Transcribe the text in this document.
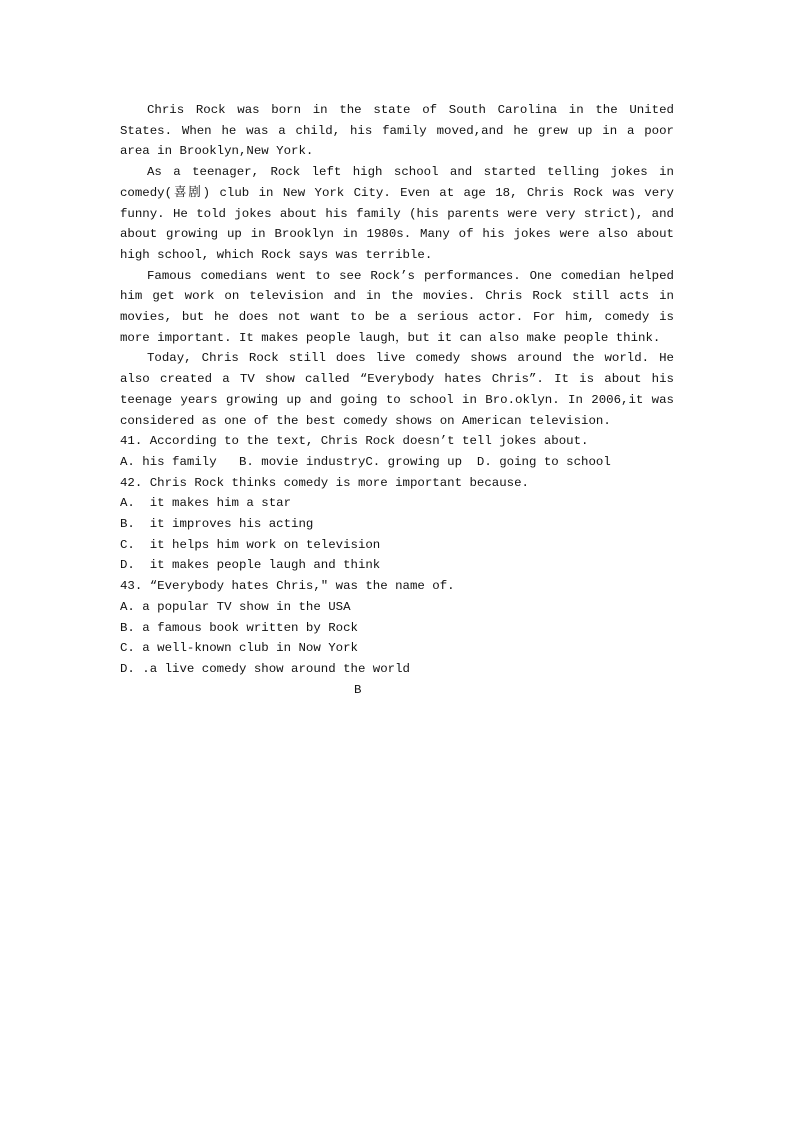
Chris Rock was born in the state of South Carolina in the United States. When he was a child, his family moved,and he grew up in a poor area in Brooklyn,New York.

As a teenager, Rock left high school and started telling jokes in comedy(喜剧) club in New York City. Even at age 18, Chris Rock was very funny. He told jokes about his family (his parents were very strict), and about growing up in Brooklyn in 1980s. Many of his jokes were also about high school, which Rock says was terrible.

Famous comedians went to see Rock’s performances. One comedian helped him get work on television and in the movies. Chris Rock still acts in movies, but he does not want to be a serious actor. For him, comedy is more important. It makes people laugh，but it can also make people think.

Today, Chris Rock still does live comedy shows around the world. He also created a TV show called “Everybody hates Chris”. It is about his teenage years growing up and going to school in Bro.oklyn. In 2006,it was considered as one of the best comedy shows on American television.

41. According to the text, Chris Rock doesn’t tell jokes about.

A. his family   B. movie industryC. growing up  D. going to school

42. Chris Rock thinks comedy is more important because.

A.  it makes him a star

B.  it improves his acting

C.  it helps him work on television

D.  it makes people laugh and think

43. “Everybody hates Chris,″ was the name of.

A. a popular TV show in the USA

B. a famous book written by Rock

C. a well-known club in Now York

D. .a live comedy show around the world

B
